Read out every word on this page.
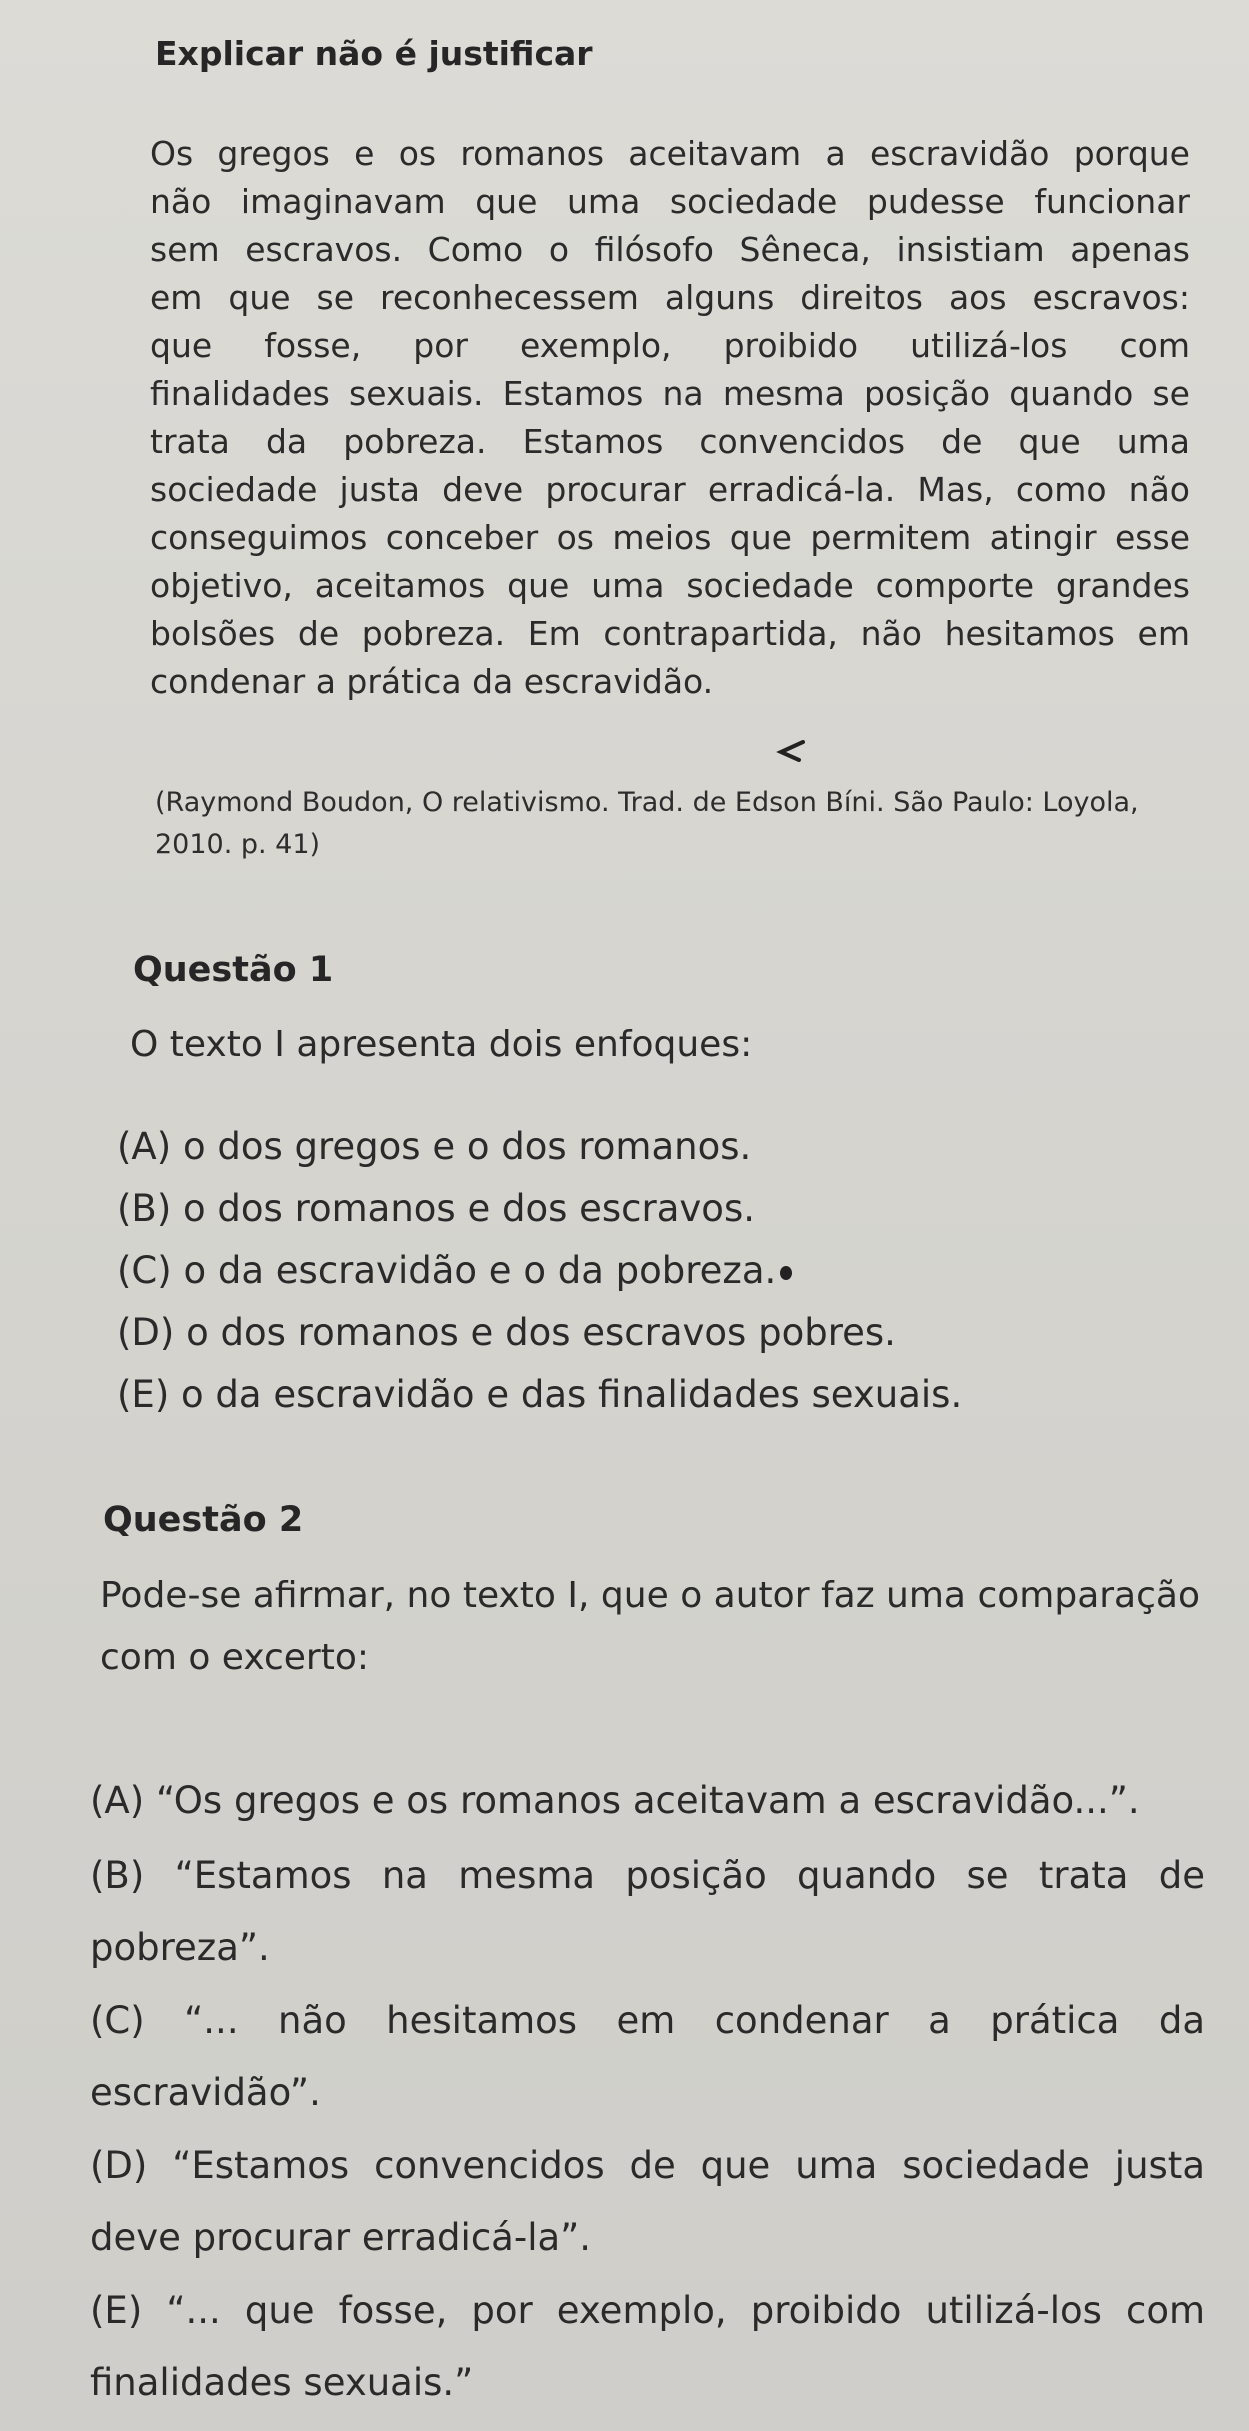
Explicar não é justificar
Os gregos e os romanos aceitavam a escravidão porque
não imaginavam que uma sociedade pudesse funcionar
sem escravos. Como o filósofo Sêneca, insistiam apenas
em que se reconhecessem alguns direitos aos escravos:
que fosse, por exemplo, proibido utilizá-los com
finalidades sexuais. Estamos na mesma posição quando se
trata da pobreza. Estamos convencidos de que uma
sociedade justa deve procurar erradicá-la. Mas, como não
conseguimos conceber os meios que permitem atingir esse
objetivo, aceitamos que uma sociedade comporte grandes
bolsões de pobreza. Em contrapartida, não hesitamos em
condenar a prática da escravidão.
(Raymond Boudon, O relativismo. Trad. de Edson Bíni. São Paulo: Loyola, 2010. p. 41)
Questão 1
O texto I apresenta dois enfoques:
(A) o dos gregos e o dos romanos.
(B) o dos romanos e dos escravos.
(C) o da escravidão e o da pobreza.
(D) o dos romanos e dos escravos pobres.
(E) o da escravidão e das finalidades sexuais.
Questão 2
Pode-se afirmar, no texto I, que o autor faz uma comparação com o excerto:
(A) “Os gregos e os romanos aceitavam a escravidão...”.
(B) “Estamos na mesma posição quando se trata de pobreza”.
(C) “... não hesitamos em condenar a prática da escravidão”.
(D) “Estamos convencidos de que uma sociedade justa deve procurar erradicá-la”.
(E) “... que fosse, por exemplo, proibido utilizá-los com finalidades sexuais.”
